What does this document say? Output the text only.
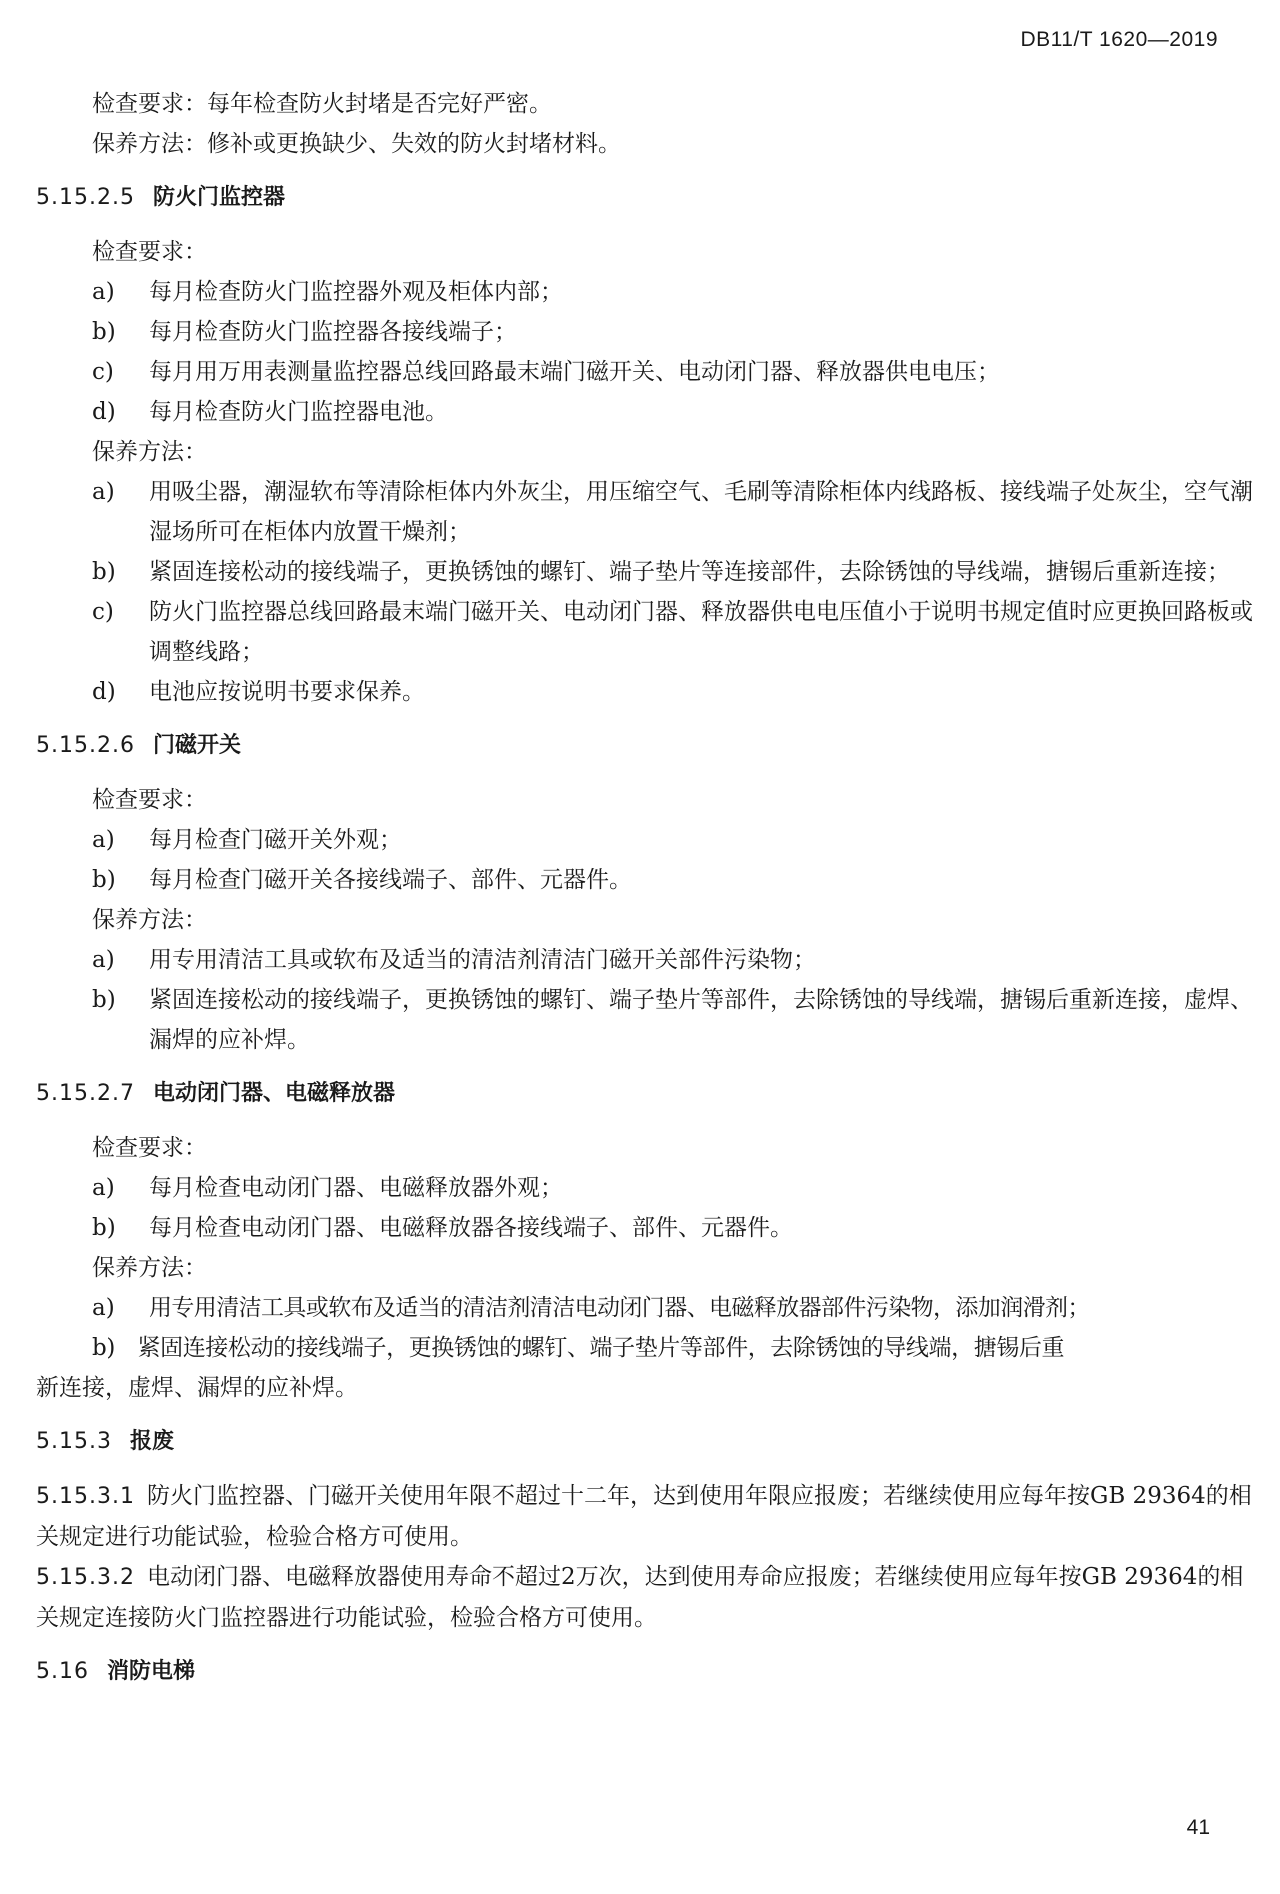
DB11/T 1620—2019

检查要求：每年检查防火封堵是否完好严密。

保养方法：修补或更换缺少、失效的防火封堵材料。

5.15.2.5 防火门监控器

检查要求：

a)	每月检查防火门监控器外观及柜体内部；
b)	每月检查防火门监控器各接线端子；
c)	每月用万用表测量监控器总线回路最末端门磁开关、电动闭门器、释放器供电电压；
d)	每月检查防火门监控器电池。

保养方法：

a)	用吸尘器，潮湿软布等清除柜体内外灰尘，用压缩空气、毛刷等清除柜体内线路板、接线端子处灰尘，空气潮湿场所可在柜体内放置干燥剂；
b)	紧固连接松动的接线端子，更换锈蚀的螺钉、端子垫片等连接部件，去除锈蚀的导线端，搪锡后重新连接；
c)	防火门监控器总线回路最末端门磁开关、电动闭门器、释放器供电电压值小于说明书规定值时应更换回路板或调整线路；
d)	电池应按说明书要求保养。
5.15.2.6 门磁开关

检查要求：

a)	每月检查门磁开关外观；
b)	每月检查门磁开关各接线端子、部件、元器件。

保养方法：

a)	用专用清洁工具或软布及适当的清洁剂清洁门磁开关部件污染物；
b)	紧固连接松动的接线端子，更换锈蚀的螺钉、端子垫片等部件，去除锈蚀的导线端，搪锡后重新连接，虚焊、漏焊的应补焊。
5.15.2.7 电动闭门器、电磁释放器

检查要求：

a)	每月检查电动闭门器、电磁释放器外观；
b)	每月检查电动闭门器、电磁释放器各接线端子、部件、元器件。

保养方法：

a)	用专用清洁工具或软布及适当的清洁剂清洁电动闭门器、电磁释放器部件污染物，添加润滑剂；

b)　紧固连接松动的接线端子，更换锈蚀的螺钉、端子垫片等部件，去除锈蚀的导线端，搪锡后重

新连接，虚焊、漏焊的应补焊。

5.15.3 报废

5.15.3.1 防火门监控器、门磁开关使用年限不超过十二年，达到使用年限应报废；若继续使用应每年按GB 29364的相关规定进行功能试验，检验合格方可使用。

5.15.3.2 电动闭门器、电磁释放器使用寿命不超过2万次，达到使用寿命应报废；若继续使用应每年按GB 29364的相关规定连接防火门监控器进行功能试验，检验合格方可使用。

5.16 消防电梯
41
